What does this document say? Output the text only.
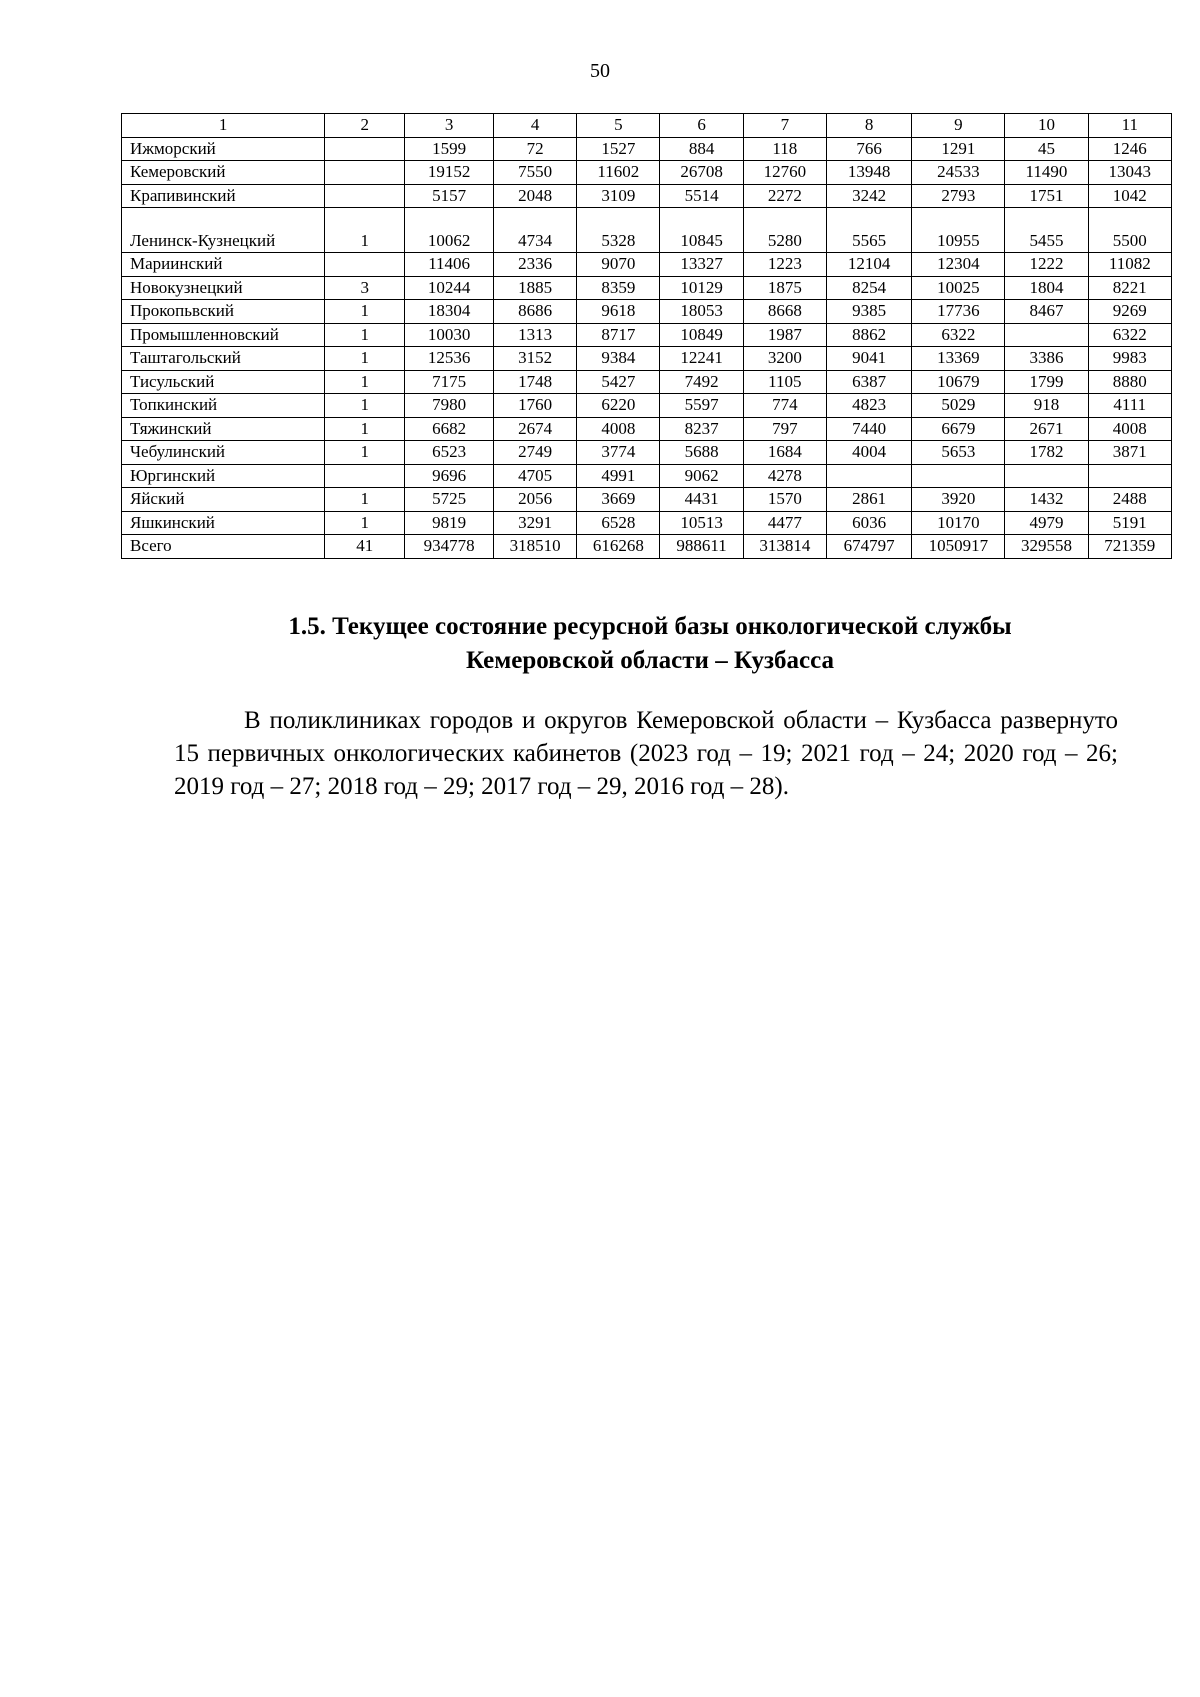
50
1	2	3	4	5	6	7	8	9	10	11
Ижморский		1599	72	1527	884	118	766	1291	45	1246
Кемеровский		19152	7550	11602	26708	12760	13948	24533	11490	13043
Крапивинский		5157	2048	3109	5514	2272	3242	2793	1751	1042
Ленинск-Кузнецкий	1	10062	4734	5328	10845	5280	5565	10955	5455	5500
Мариинский		11406	2336	9070	13327	1223	12104	12304	1222	11082
Новокузнецкий	3	10244	1885	8359	10129	1875	8254	10025	1804	8221
Прокопьвский	1	18304	8686	9618	18053	8668	9385	17736	8467	9269
Промышленновский	1	10030	1313	8717	10849	1987	8862	6322		6322
Таштагольский	1	12536	3152	9384	12241	3200	9041	13369	3386	9983
Тисульский	1	7175	1748	5427	7492	1105	6387	10679	1799	8880
Топкинский	1	7980	1760	6220	5597	774	4823	5029	918	4111
Тяжинский	1	6682	2674	4008	8237	797	7440	6679	2671	4008
Чебулинский	1	6523	2749	3774	5688	1684	4004	5653	1782	3871
Юргинский		9696	4705	4991	9062	4278				
Яйский	1	5725	2056	3669	4431	1570	2861	3920	1432	2488
Яшкинский	1	9819	3291	6528	10513	4477	6036	10170	4979	5191
Всего	41	934778	318510	616268	988611	313814	674797	1050917	329558	721359
1.5. Текущее состояние ресурсной базы онкологической службы
Кемеровской области – Кузбасса
В поликлиниках городов и округов Кемеровской области – Кузбасса развернуто 15 первичных онкологических кабинетов (2023 год – 19; 2021 год – 24; 2020 год – 26; 2019 год – 27; 2018 год – 29; 2017 год – 29, 2016 год – 28).
